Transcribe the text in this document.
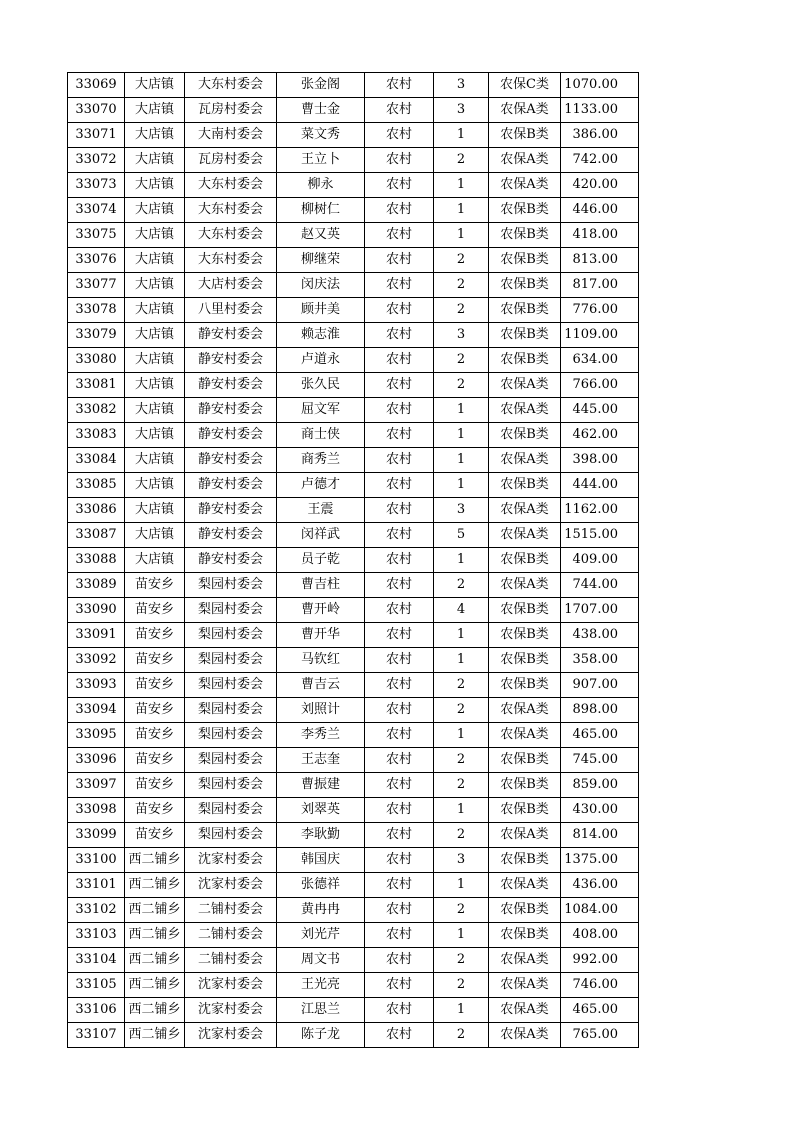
33069	大店镇	大东村委会	张金阁	农村	3	农保C类	1070.00
33070	大店镇	瓦房村委会	曹士金	农村	3	农保A类	1133.00
33071	大店镇	大南村委会	菜文秀	农村	1	农保B类	386.00
33072	大店镇	瓦房村委会	王立卜	农村	2	农保A类	742.00
33073	大店镇	大东村委会	柳永	农村	1	农保A类	420.00
33074	大店镇	大东村委会	柳树仁	农村	1	农保B类	446.00
33075	大店镇	大东村委会	赵又英	农村	1	农保B类	418.00
33076	大店镇	大东村委会	柳继荣	农村	2	农保B类	813.00
33077	大店镇	大店村委会	闵庆法	农村	2	农保B类	817.00
33078	大店镇	八里村委会	顾井美	农村	2	农保B类	776.00
33079	大店镇	静安村委会	赖志淮	农村	3	农保B类	1109.00
33080	大店镇	静安村委会	卢道永	农村	2	农保B类	634.00
33081	大店镇	静安村委会	张久民	农村	2	农保A类	766.00
33082	大店镇	静安村委会	屈文军	农村	1	农保A类	445.00
33083	大店镇	静安村委会	商士侠	农村	1	农保B类	462.00
33084	大店镇	静安村委会	商秀兰	农村	1	农保A类	398.00
33085	大店镇	静安村委会	卢德才	农村	1	农保B类	444.00
33086	大店镇	静安村委会	王震	农村	3	农保A类	1162.00
33087	大店镇	静安村委会	闵祥武	农村	5	农保A类	1515.00
33088	大店镇	静安村委会	员子乾	农村	1	农保B类	409.00
33089	苗安乡	梨园村委会	曹吉柱	农村	2	农保A类	744.00
33090	苗安乡	梨园村委会	曹开岭	农村	4	农保B类	1707.00
33091	苗安乡	梨园村委会	曹开华	农村	1	农保B类	438.00
33092	苗安乡	梨园村委会	马钦红	农村	1	农保B类	358.00
33093	苗安乡	梨园村委会	曹吉云	农村	2	农保B类	907.00
33094	苗安乡	梨园村委会	刘照计	农村	2	农保A类	898.00
33095	苗安乡	梨园村委会	李秀兰	农村	1	农保A类	465.00
33096	苗安乡	梨园村委会	王志奎	农村	2	农保B类	745.00
33097	苗安乡	梨园村委会	曹振建	农村	2	农保B类	859.00
33098	苗安乡	梨园村委会	刘翠英	农村	1	农保B类	430.00
33099	苗安乡	梨园村委会	李耿勤	农村	2	农保A类	814.00
33100	西二铺乡	沈家村委会	韩国庆	农村	3	农保B类	1375.00
33101	西二铺乡	沈家村委会	张德祥	农村	1	农保A类	436.00
33102	西二铺乡	二铺村委会	黄冉冉	农村	2	农保B类	1084.00
33103	西二铺乡	二铺村委会	刘光芹	农村	1	农保B类	408.00
33104	西二铺乡	二铺村委会	周文书	农村	2	农保A类	992.00
33105	西二铺乡	沈家村委会	王光亮	农村	2	农保A类	746.00
33106	西二铺乡	沈家村委会	江思兰	农村	1	农保A类	465.00
33107	西二铺乡	沈家村委会	陈子龙	农村	2	农保A类	765.00
